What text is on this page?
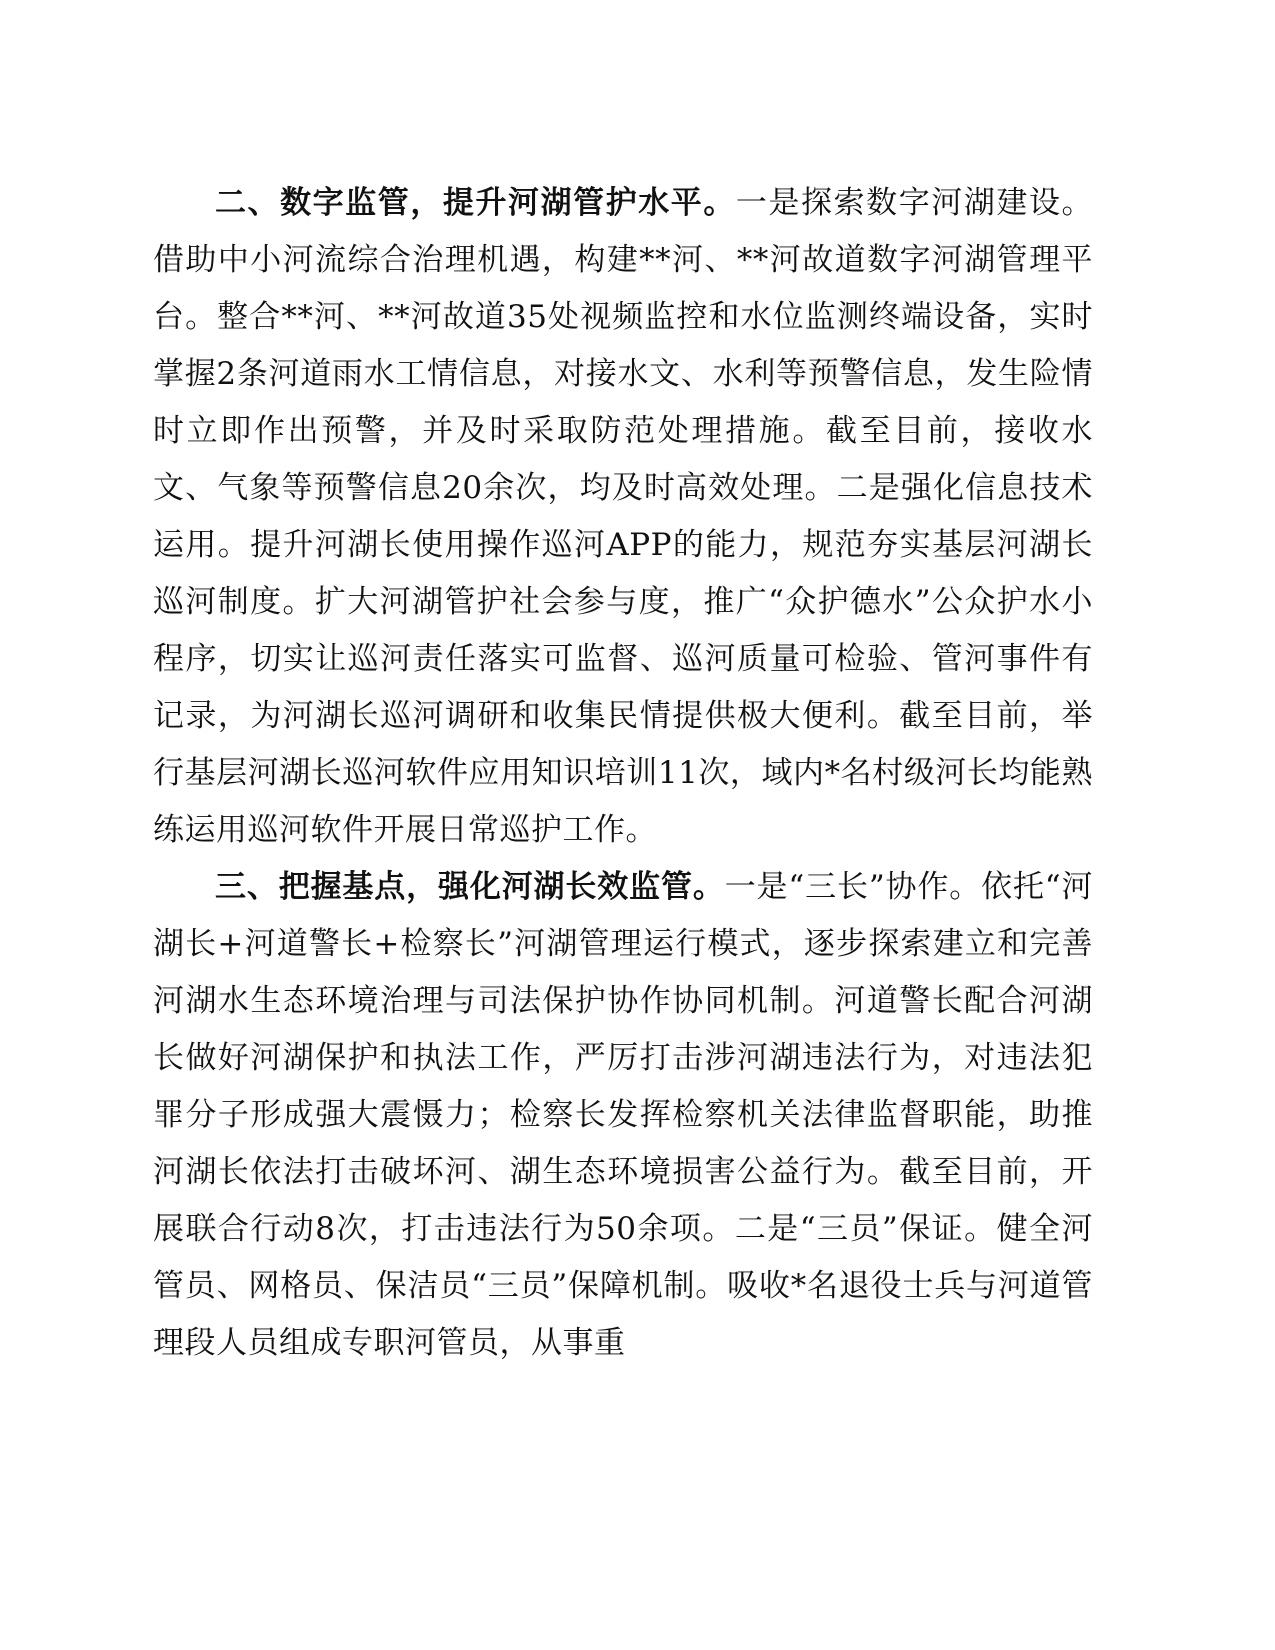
二、数字监管，提升河湖管护水平。一是探索数字河湖建设。借助中小河流综合治理机遇，构建**河、**河故道数字河湖管理平台。整合**河、**河故道35处视频监控和水位监测终端设备，实时掌握2条河道雨水工情信息，对接水文、水利等预警信息，发生险情时立即作出预警，并及时采取防范处理措施。截至目前，接收水文、气象等预警信息20余次，均及时高效处理。二是强化信息技术运用。提升河湖长使用操作巡河APP的能力，规范夯实基层河湖长巡河制度。扩大河湖管护社会参与度，推广“众护德水”公众护水小程序，切实让巡河责任落实可监督、巡河质量可检验、管河事件有记录，为河湖长巡河调研和收集民情提供极大便利。截至目前，举行基层河湖长巡河软件应用知识培训11次，域内*名村级河长均能熟练运用巡河软件开展日常巡护工作。

三、把握基点，强化河湖长效监管。一是“三长”协作。依托“河湖长+河道警长+检察长”河湖管理运行模式，逐步探索建立和完善河湖水生态环境治理与司法保护协作协同机制。河道警长配合河湖长做好河湖保护和执法工作，严厉打击涉河湖违法行为，对违法犯罪分子形成强大震慑力；检察长发挥检察机关法律监督职能，助推河湖长依法打击破坏河、湖生态环境损害公益行为。截至目前，开展联合行动8次，打击违法行为50余项。二是“三员”保证。健全河管员、网格员、保洁员“三员”保障机制。吸收*名退役士兵与河道管理段人员组成专职河管员，从事重
